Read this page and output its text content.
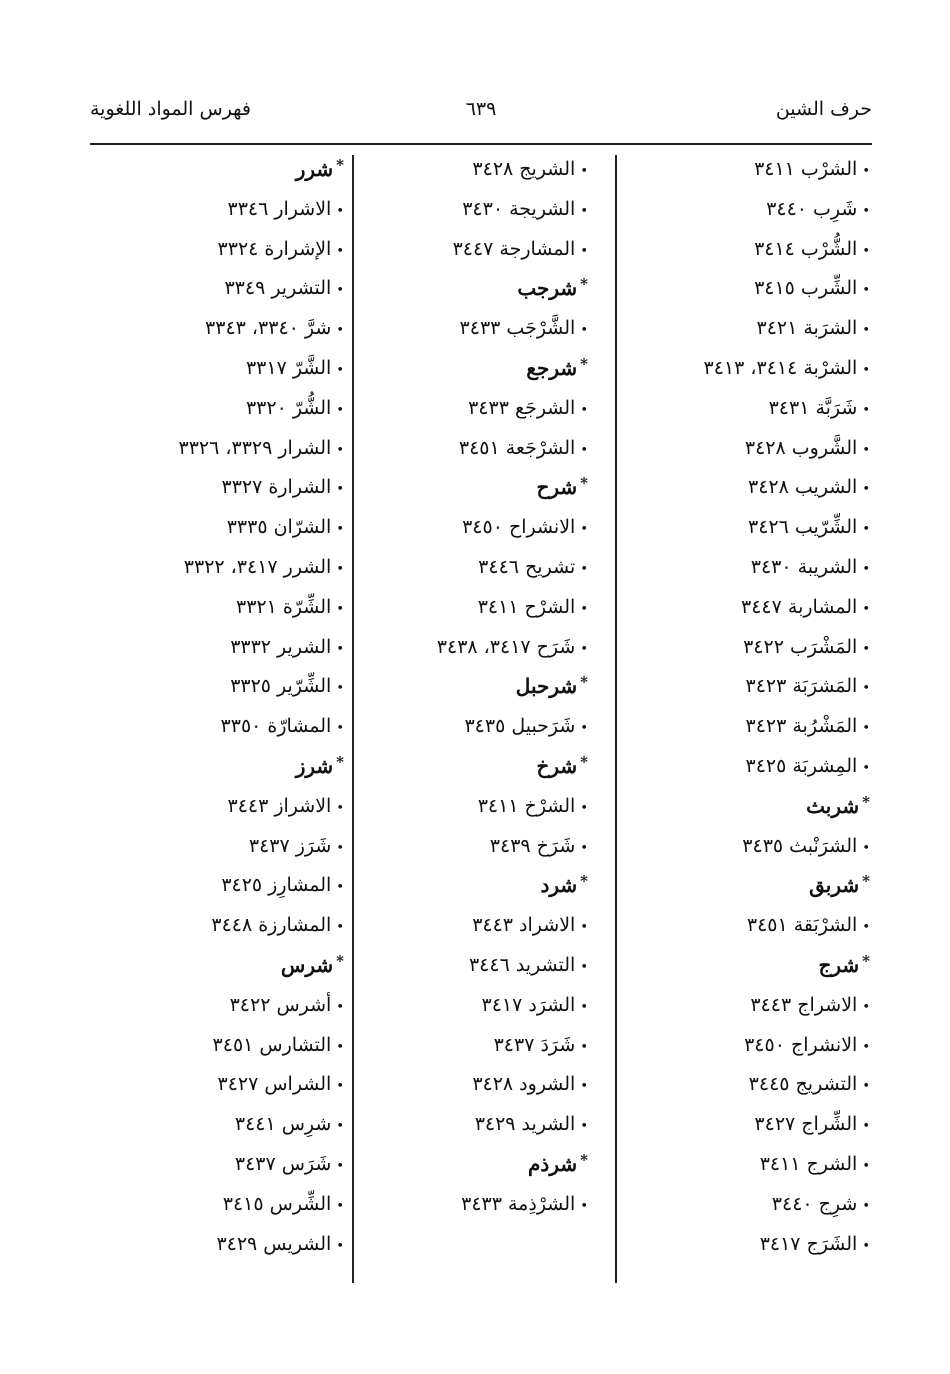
حرف الشين
٦٣٩
فهرس المواد اللغوية
•الشرْب ٣٤١١
•شَرِب ٣٤٤٠
•الشُّرْب ٣٤١٤
•الشِّرب ٣٤١٥
•الشرَبة ٣٤٢١
•الشرْبة ٣٤١٤، ٣٤١٣
•شَرَبَّة ٣٤٣١
•الشَّروب ٣٤٢٨
•الشريب ٣٤٢٨
•الشِّرّيب ٣٤٢٦
•الشريبة ٣٤٣٠
•المشاربة ٣٤٤٧
•المَشْرَب ٣٤٢٢
•المَشرَبَة ٣٤٢٣
•المَشْرُبة ٣٤٢٣
•المِشربَة ٣٤٢٥
*شربث
•الشرَنْبث ٣٤٣٥
*شربق
•الشرْبَقة ٣٤٥١
*شرج
•الاشراج ٣٤٤٣
•الانشراج ٣٤٥٠
•التشريج ٣٤٤٥
•الشِّراج ٣٤٢٧
•الشرج ٣٤١١
•شرِج ٣٤٤٠
•الشَرَج ٣٤١٧
•الشريج ٣٤٢٨
•الشريجة ٣٤٣٠
•المشارجة ٣٤٤٧
*شرجب
•الشَّرْجَب ٣٤٣٣
*شرجع
•الشرجَع ٣٤٣٣
•الشرْجَعة ٣٤٥١
*شرح
•الانشراح ٣٤٥٠
•تشريح ٣٤٤٦
•الشرْح ٣٤١١
•شَرَح ٣٤١٧، ٣٤٣٨
*شرحبل
•شَرَحبيل ٣٤٣٥
*شرخ
•الشرْخ ٣٤١١
•شَرَخ ٣٤٣٩
*شرد
•الاشراد ٣٤٤٣
•التشريد ٣٤٤٦
•الشرَد ٣٤١٧
•شَرَدَ ٣٤٣٧
•الشرود ٣٤٢٨
•الشريد ٣٤٢٩
*شرذم
•الشرْذِمة ٣٤٣٣
*شرر
•الاشرار ٣٣٤٦
•الإشرارة ٣٣٢٤
•التشرير ٣٣٤٩
•شرَّ ٣٣٤٠، ٣٣٤٣
•الشَّرّ ٣٣١٧
•الشُّرّ ٣٣٢٠
•الشرار ٣٣٢٩، ٣٣٢٦
•الشرارة ٣٣٢٧
•الشرّان ٣٣٣٥
•الشرر ٣٤١٧، ٣٣٢٢
•الشِّرّة ٣٣٢١
•الشرير ٣٣٣٢
•الشِّرّير ٣٣٢٥
•المشارّة ٣٣٥٠
*شرز
•الاشراز ٣٤٤٣
•شَرَز ٣٤٣٧
•المشارِز ٣٤٢٥
•المشارزة ٣٤٤٨
*شرس
•أشرس ٣٤٢٢
•التشارس ٣٤٥١
•الشراس ٣٤٢٧
•شرِس ٣٤٤١
•شَرَس ٣٤٣٧
•الشِّرس ٣٤١٥
•الشريس ٣٤٢٩
